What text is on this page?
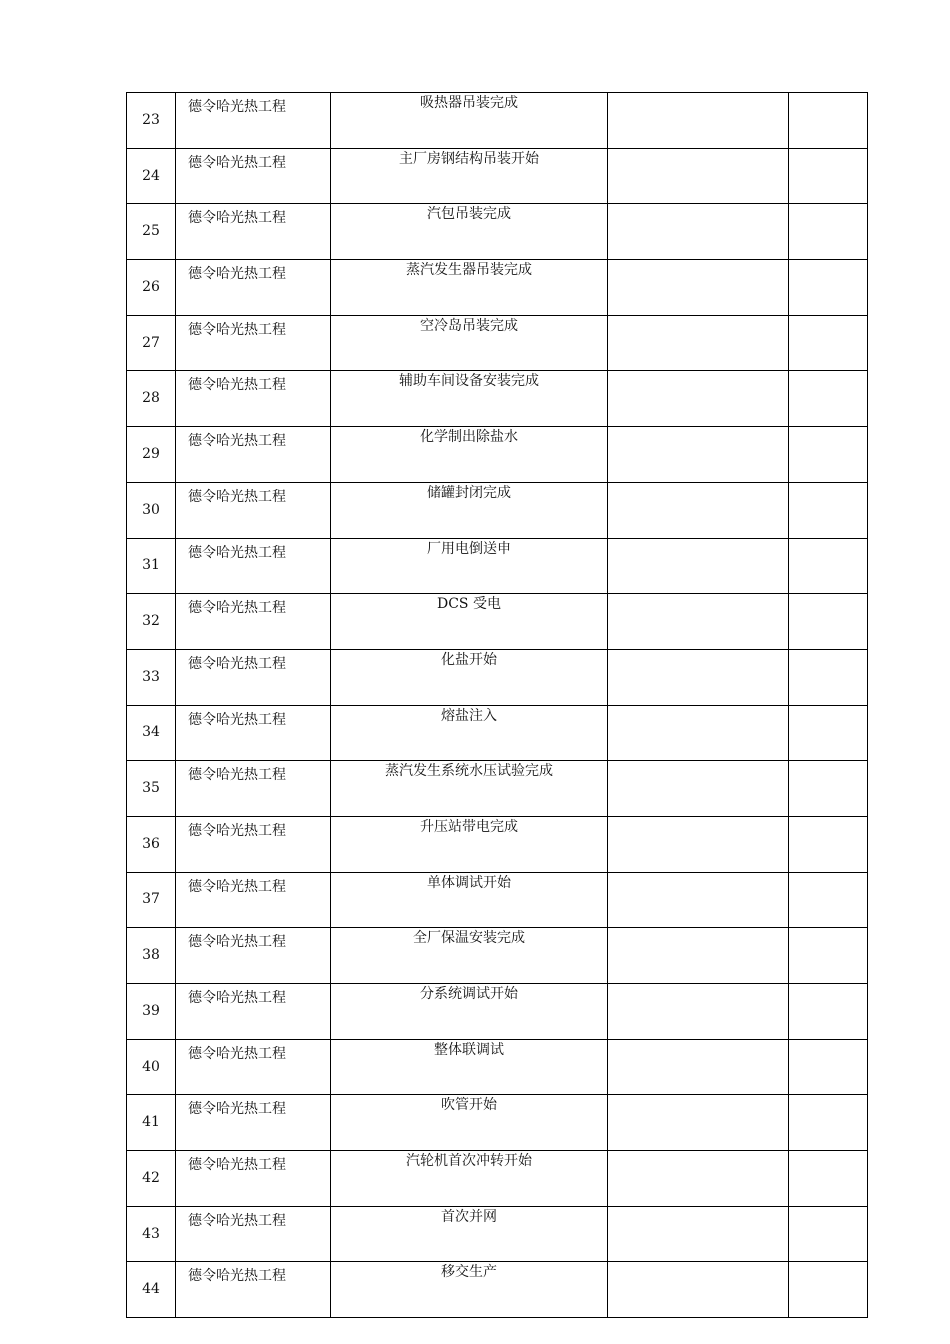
23	德令哈光热工程	吸热器吊装完成		
24	德令哈光热工程	主厂房钢结构吊装开始		
25	德令哈光热工程	汽包吊装完成		
26	德令哈光热工程	蒸汽发生器吊装完成		
27	德令哈光热工程	空冷岛吊装完成		
28	德令哈光热工程	辅助车间设备安装完成		
29	德令哈光热工程	化学制出除盐水		
30	德令哈光热工程	储罐封闭完成		
31	德令哈光热工程	厂用电倒送申		
32	德令哈光热工程	DCS 受电		
33	德令哈光热工程	化盐开始		
34	德令哈光热工程	熔盐注入		
35	德令哈光热工程	蒸汽发生系统水压试验完成		
36	德令哈光热工程	升压站带电完成		
37	德令哈光热工程	单体调试开始		
38	德令哈光热工程	全厂保温安装完成		
39	德令哈光热工程	分系统调试开始		
40	德令哈光热工程	整体联调试		
41	德令哈光热工程	吹管开始		
42	德令哈光热工程	汽轮机首次冲转开始		
43	德令哈光热工程	首次并网		
44	德令哈光热工程	移交生产		
